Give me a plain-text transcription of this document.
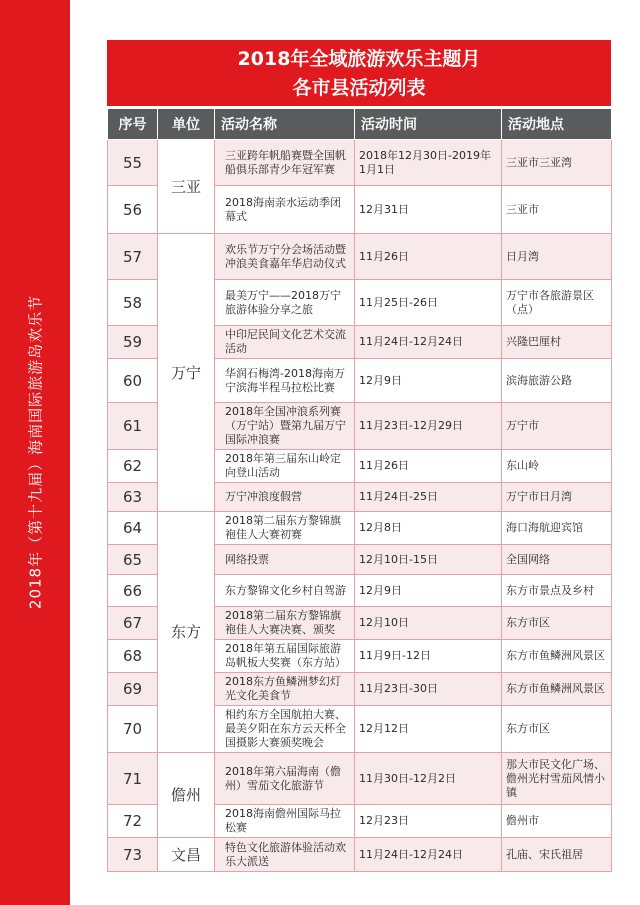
2018年（第十九届）海南国际旅游岛欢乐节
2018年全域旅游欢乐主题月
各市县活动列表
序号	单位	活动名称	活动时间	活动地点
55	三亚	三亚跨年帆船赛暨全国帆船俱乐部青少年冠军赛	2018年12月30日-2019年1月1日	三亚市三亚湾
56		2018海南亲水运动季闭幕式	12月31日	三亚市
57	万宁	欢乐节万宁分会场活动暨冲浪美食嘉年华启动仪式	11月26日	日月湾
58		最美万宁——2018万宁旅游体验分享之旅	11月25日-26日	万宁市各旅游景区（点）
59		中印尼民间文化艺术交流活动	11月24日-12月24日	兴隆巴厘村
60		华润石梅湾-2018海南万宁滨海半程马拉松比赛	12月9日	滨海旅游公路
61		2018年全国冲浪系列赛（万宁站）暨第九届万宁国际冲浪赛	11月23日-12月29日	万宁市
62		2018年第三届东山岭定向登山活动	11月26日	东山岭
63		万宁冲浪度假营	11月24日-25日	万宁市日月湾
64	东方	2018第二届东方黎锦旗袍佳人大赛初赛	12月8日	海口海航迎宾馆
65		网络投票	12月10日-15日	全国网络
66		东方黎锦文化乡村自驾游	12月9日	东方市景点及乡村
67		2018第二届东方黎锦旗袍佳人大赛决赛、颁奖	12月10日	东方市区
68		2018年第五届国际旅游岛帆板大奖赛（东方站）	11月9日-12日	东方市鱼鳞洲风景区
69		2018东方鱼鳞洲梦幻灯光文化美食节	11月23日-30日	东方市鱼鳞洲风景区
70		相约东方全国航拍大赛、最美夕阳在东方云天杯全国摄影大赛颁奖晚会	12月12日	东方市区
71	儋州	2018年第六届海南（儋州）雪茄文化旅游节	11月30日-12月2日	那大市民文化广场、儋州光村雪茄风情小镇
72		2018海南儋州国际马拉松赛	12月23日	儋州市
73	文昌	特色文化旅游体验活动欢乐大派送	11月24日-12月24日	孔庙、宋氏祖居
